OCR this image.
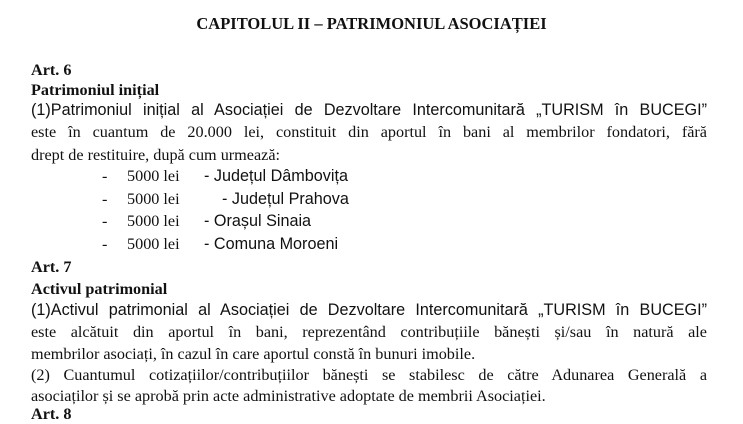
CAPITOLUL II – PATRIMONIUL ASOCIAȚIEI
Art. 6
Patrimoniul inițial
(1)Patrimoniul inițial al Asociației de Dezvoltare Intercomunitară „TURISM în BUCEGI”
este în cuantum de 20.000 lei, constituit din aportul în bani al membrilor fondatori, fără
drept de restituire, după cum urmează:
- 5000 lei - Județul Dâmbovița
- 5000 lei	- Județul Prahova
- 5000 lei - Orașul Sinaia
- 5000 lei - Comuna Moroeni
Art. 7
Activul patrimonial
(1)Activul patrimonial al Asociației de Dezvoltare Intercomunitară „TURISM în BUCEGI”
este alcătuit din aportul în bani, reprezentând contribuțiile bănești și/sau în natură ale
membrilor asociați, în cazul în care aportul constă în bunuri imobile.
(2) Cuantumul cotizațiilor/contribuțiilor bănești se stabilesc de către Adunarea Generală a
asociaților și se aprobă prin acte administrative adoptate de membrii Asociației.
Art. 8
